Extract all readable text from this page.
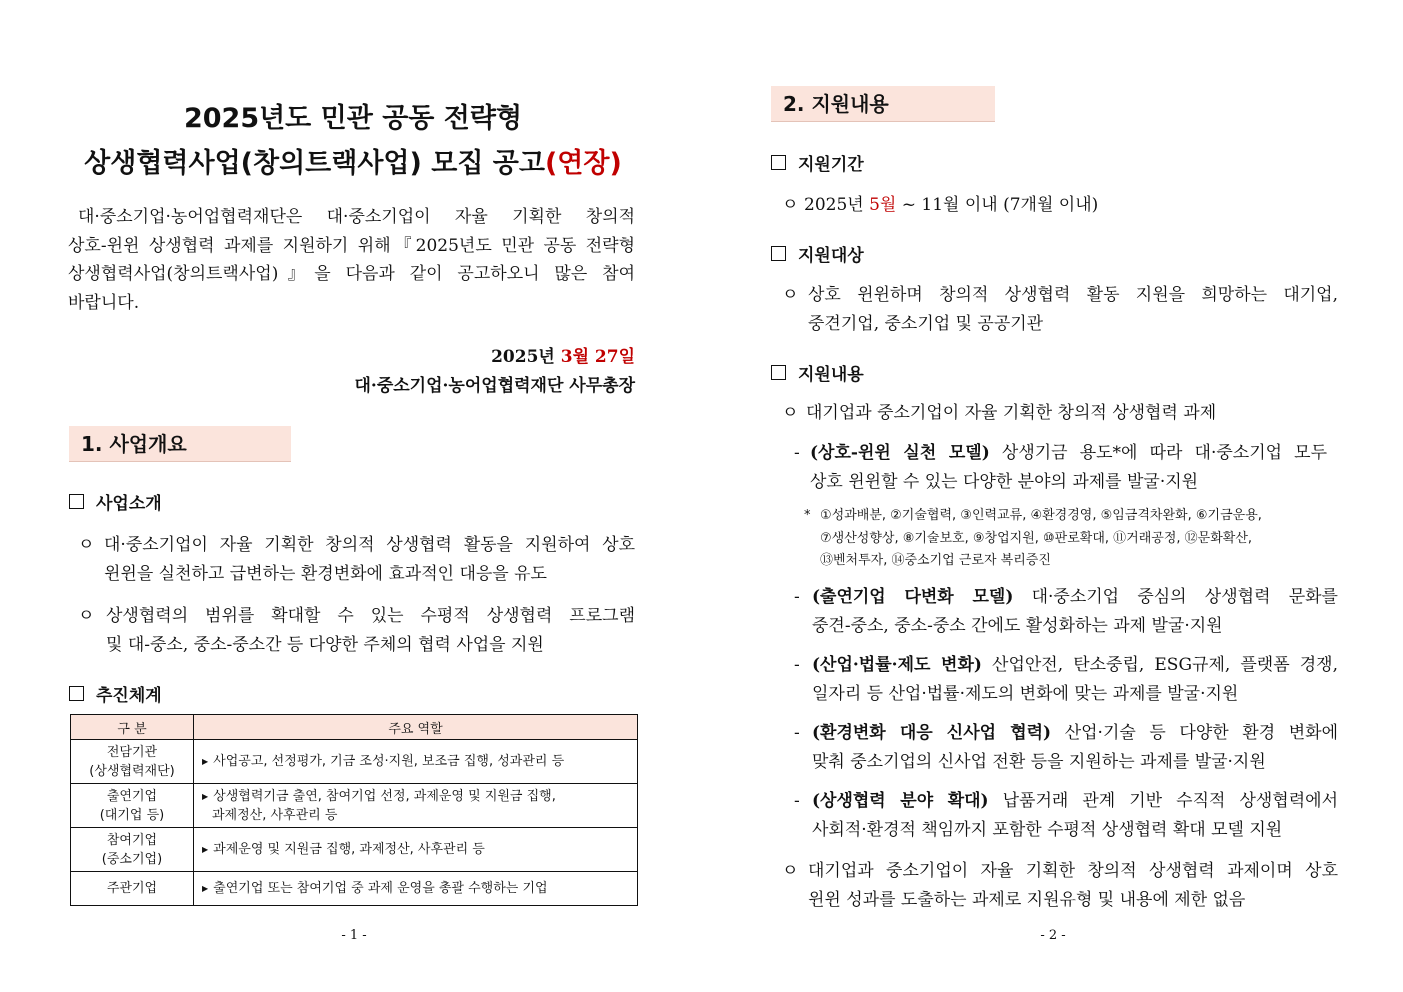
2025년도 민관 공동 전략형
상생협력사업(창의트랙사업) 모집 공고(연장)
대·중소기업·농어업협력재단은 대·중소기업이 자율 기획한 창의적
상호-윈윈 상생협력 과제를 지원하기 위해『2025년도 민관 공동 전략형
상생협력사업(창의트랙사업)』을 다음과 같이 공고하오니 많은 참여
바랍니다.
2025년 3월 27일
대·중소기업·농어업협력재단 사무총장
1. 사업개요
사업소개
ㅇ 대·중소기업이 자율 기획한 창의적 상생협력 활동을 지원하여 상호
윈윈을 실천하고 급변하는 환경변화에 효과적인 대응을 유도
ㅇ 상생협력의 범위를 확대할 수 있는 수평적 상생협력 프로그램
및 대-중소, 중소-중소간 등 다양한 주체의 협력 사업을 지원
추진체계
구 분	주요 역할
전담기관
(상생협력재단)	▶ 사업공고, 선정평가, 기금 조성·지원, 보조금 집행, 성과관리 등
출연기업
(대기업 등)	▶ 상생협력기금 출연, 참여기업 선정, 과제운영 및 지원금 집행,
과제정산, 사후관리 등
참여기업
(중소기업)	▶ 과제운영 및 지원금 집행, 과제정산, 사후관리 등
주관기업	▶ 출연기업 또는 참여기업 중 과제 운영을 총괄 수행하는 기업
- 1 -
2. 지원내용
지원기간
ㅇ 2025년 5월 ~ 11월 이내 (7개월 이내)
지원대상
ㅇ 상호 윈윈하며 창의적 상생협력 활동 지원을 희망하는 대기업,
중견기업, 중소기업 및 공공기관
지원내용
ㅇ 대기업과 중소기업이 자율 기획한 창의적 상생협력 과제
- (상호-윈윈 실천 모델) 상생기금 용도*에 따라 대·중소기업 모두
상호 윈윈할 수 있는 다양한 분야의 과제를 발굴·지원
* ①성과배분, ②기술협력, ③인력교류, ④환경경영, ⑤임금격차완화, ⑥기금운용,
⑦생산성향상, ⑧기술보호, ⑨창업지원, ⑩판로확대, ⑪거래공정, ⑫문화확산,
⑬벤처투자, ⑭중소기업 근로자 복리증진
- (출연기업 다변화 모델) 대·중소기업 중심의 상생협력 문화를
중견-중소, 중소-중소 간에도 활성화하는 과제 발굴·지원
- (산업·법률·제도 변화) 산업안전, 탄소중립, ESG규제, 플랫폼 경쟁,
일자리 등 산업·법률·제도의 변화에 맞는 과제를 발굴·지원
- (환경변화 대응 신사업 협력) 산업·기술 등 다양한 환경 변화에
맞춰 중소기업의 신사업 전환 등을 지원하는 과제를 발굴·지원
- (상생협력 분야 확대) 납품거래 관계 기반 수직적 상생협력에서
사회적·환경적 책임까지 포함한 수평적 상생협력 확대 모델 지원
ㅇ 대기업과 중소기업이 자율 기획한 창의적 상생협력 과제이며 상호
윈윈 성과를 도출하는 과제로 지원유형 및 내용에 제한 없음
- 2 -
